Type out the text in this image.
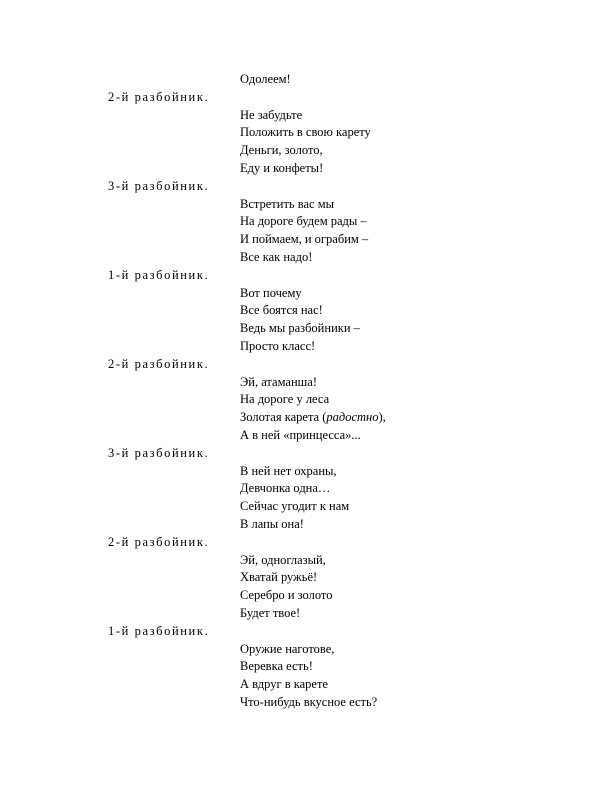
Одолеем!
2-й разбойник.
Не забудьте
Положить в свою карету
Деньги, золото,
Еду и конфеты!
3-й разбойник.
Встретить вас мы
На дороге будем рады –
И поймаем, и ограбим –
Все как надо!
1-й разбойник.
Вот почему
Все боятся нас!
Ведь мы разбойники –
Просто класс!
2-й разбойник.
Эй, атаманша!
На дороге у леса
Золотая карета (радостно),
А в ней «принцесса»...
3-й разбойник.
В ней нет охраны,
Девчонка одна…
Сейчас угодит к нам
В лапы она!
2-й разбойник.
Эй, одноглазый,
Хватай ружьё!
Серебро и золото
Будет твое!
1-й разбойник.
Оружие наготове,
Веревка есть!
А вдруг в карете
Что-нибудь вкусное есть?
